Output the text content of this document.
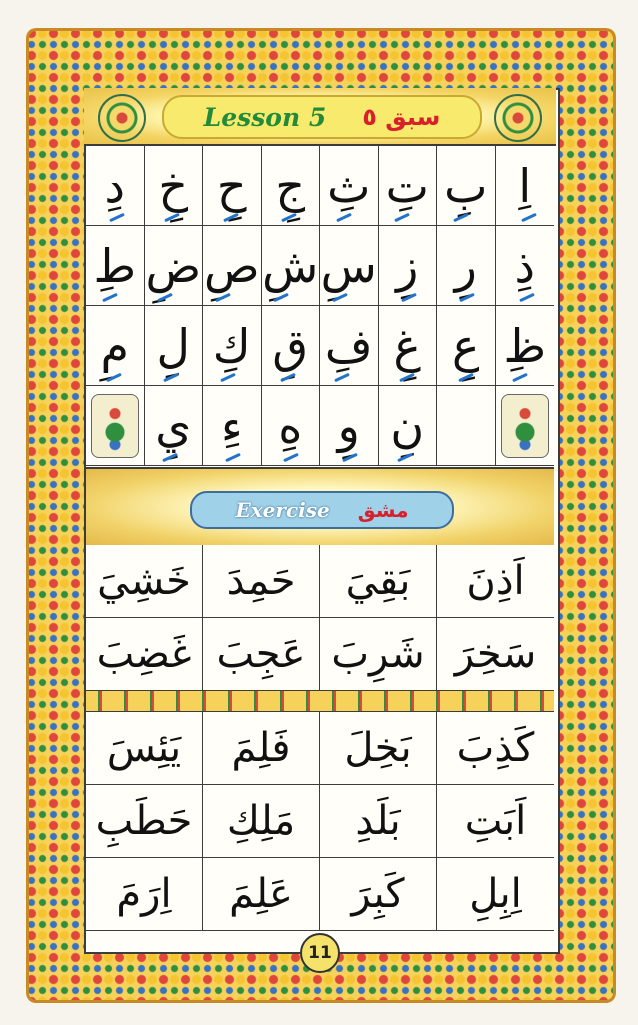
Lesson 5 سبق ٥
دِ خِ حِ جِ ثِ تِ بِ اِ
طِ ضِ صِ شِ سِ زِ رِ ذِ
مِ لِ كِ قِ فِ غِ عِ ظِ
يِ ءِ هِ وِ نِ
Exercise مشق
خَشِيَ حَمِدَ بَقِيَ اَذِنَ
غَضِبَ عَجِبَ شَرِبَ سَخِرَ
يَئِسَ فَلِمَ بَخِلَ كَذِبَ
حَطَبِ مَلِكِ بَلَدِ اَبَتِ
اِرَمَ عَلِمَ كَبِرَ اِبِلِ
11
